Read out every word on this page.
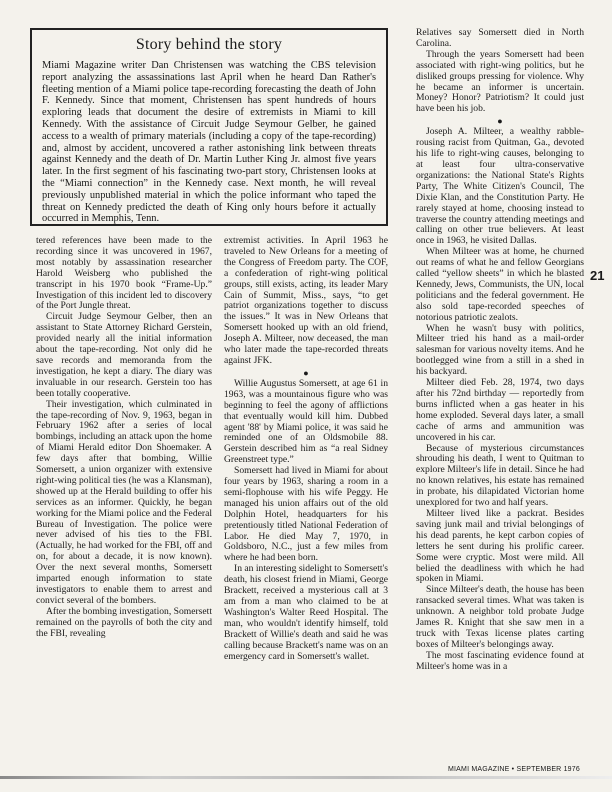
Story behind the story

Miami Magazine writer Dan Christensen was watching the CBS television report analyzing the assassinations last April when he heard Dan Rather's fleeting mention of a Miami police tape-recording forecasting the death of John F. Kennedy. Since that moment, Christensen has spent hundreds of hours exploring leads that document the desire of extremists in Miami to kill Kennedy. With the assistance of Circuit Judge Seymour Gelber, he gained access to a wealth of primary materials (including a copy of the tape-recording) and, almost by accident, uncovered a rather astonishing link between threats against Kennedy and the death of Dr. Martin Luther King Jr. almost five years later. In the first segment of his fascinating two-part story, Christensen looks at the “Miami connection” in the Kennedy case. Next month, he will reveal previously unpublished material in which the police informant who taped the threat on Kennedy predicted the death of King only hours before it actually occurred in Memphis, Tenn.

tered references have been made to the recording since it was uncovered in 1967, most notably by assassination researcher Harold Weisberg who published the transcript in his 1970 book “Frame-Up.” Investigation of this incident led to discovery of the Port Jungle threat.

Circuit Judge Seymour Gelber, then an assistant to State Attorney Richard Gerstein, provided nearly all the initial information about the tape-recording. Not only did he save records and memoranda from the investigation, he kept a diary. The diary was invaluable in our research. Gerstein too has been totally cooperative.

Their investigation, which culminated in the tape-recording of Nov. 9, 1963, began in February 1962 after a series of local bombings, including an attack upon the home of Miami Herald editor Don Shoemaker. A few days after that bombing, Willie Somersett, a union organizer with extensive right-wing political ties (he was a Klansman), showed up at the Herald building to offer his services as an informer. Quickly, he began working for the Miami police and the Federal Bureau of Investigation. The police were never advised of his ties to the FBI. (Actually, he had worked for the FBI, off and on, for about a decade, it is now known). Over the next several months, Somersett imparted enough information to state investigators to enable them to arrest and convict several of the bombers.

After the bombing investigation, Somersett remained on the payrolls of both the city and the FBI, revealing

extremist activities. In April 1963 he traveled to New Orleans for a meeting of the Congress of Freedom party. The COF, a confederation of right-wing political groups, still exists, acting, its leader Mary Cain of Summit, Miss., says, “to get patriot organizations together to discuss the issues.” It was in New Orleans that Somersett hooked up with an old friend, Joseph A. Milteer, now deceased, the man who later made the tape-recorded threats against JFK.

●

Willie Augustus Somersett, at age 61 in 1963, was a mountainous figure who was beginning to feel the agony of afflictions that eventually would kill him. Dubbed agent '88' by Miami police, it was said he reminded one of an Oldsmobile 88. Gerstein described him as “a real Sidney Greenstreet type.”

Somersett had lived in Miami for about four years by 1963, sharing a room in a semi-flophouse with his wife Peggy. He managed his union affairs out of the old Dolphin Hotel, headquarters for his pretentiously titled National Federation of Labor. He died May 7, 1970, in Goldsboro, N.C., just a few miles from where he had been born.

In an interesting sidelight to Somersett's death, his closest friend in Miami, George Brackett, received a mysterious call at 3 am from a man who claimed to be at Washington's Walter Reed Hospital. The man, who wouldn't identify himself, told Brackett of Willie's death and said he was calling because Brackett's name was on an emergency card in Somersett's wallet.

Relatives say Somersett died in North Carolina.

Through the years Somersett had been associated with right-wing politics, but he disliked groups pressing for violence. Why he became an informer is uncertain. Money? Honor? Patriotism? It could just have been his job.

●

Joseph A. Milteer, a wealthy rabble-rousing racist from Quitman, Ga., devoted his life to right-wing causes, belonging to at least four ultra-conservative organizations: the National State's Rights Party, The White Citizen's Council, The Dixie Klan, and the Constitution Party. He rarely stayed at home, choosing instead to traverse the country attending meetings and calling on other true believers. At least once in 1963, he visited Dallas.

When Milteer was at home, he churned out reams of what he and fellow Georgians called “yellow sheets” in which he blasted Kennedy, Jews, Communists, the UN, local politicians and the federal government. He also sold tape-recorded speeches of notorious patriotic zealots.

When he wasn't busy with politics, Milteer tried his hand as a mail-order salesman for various novelty items. And he bootlegged wine from a still in a shed in his backyard.

Milteer died Feb. 28, 1974, two days after his 72nd birthday — reportedly from burns inflicted when a gas heater in his home exploded. Several days later, a small cache of arms and ammunition was uncovered in his car.

Because of mysterious circumstances shrouding his death, I went to Quitman to explore Milteer's life in detail. Since he had no known relatives, his estate has remained in probate, his dilapidated Victorian home unexplored for two and half years.

Milteer lived like a packrat. Besides saving junk mail and trivial belongings of his dead parents, he kept carbon copies of letters he sent during his prolific career. Some were cryptic. Most were mild. All belied the deadliness with which he had spoken in Miami.

Since Milteer's death, the house has been ransacked several times. What was taken is unknown. A neighbor told probate Judge James R. Knight that she saw men in a truck with Texas license plates carting boxes of Milteer's belongings away.

The most fascinating evidence found at Milteer's home was in a

21
MIAMI MAGAZINE • SEPTEMBER 1976
